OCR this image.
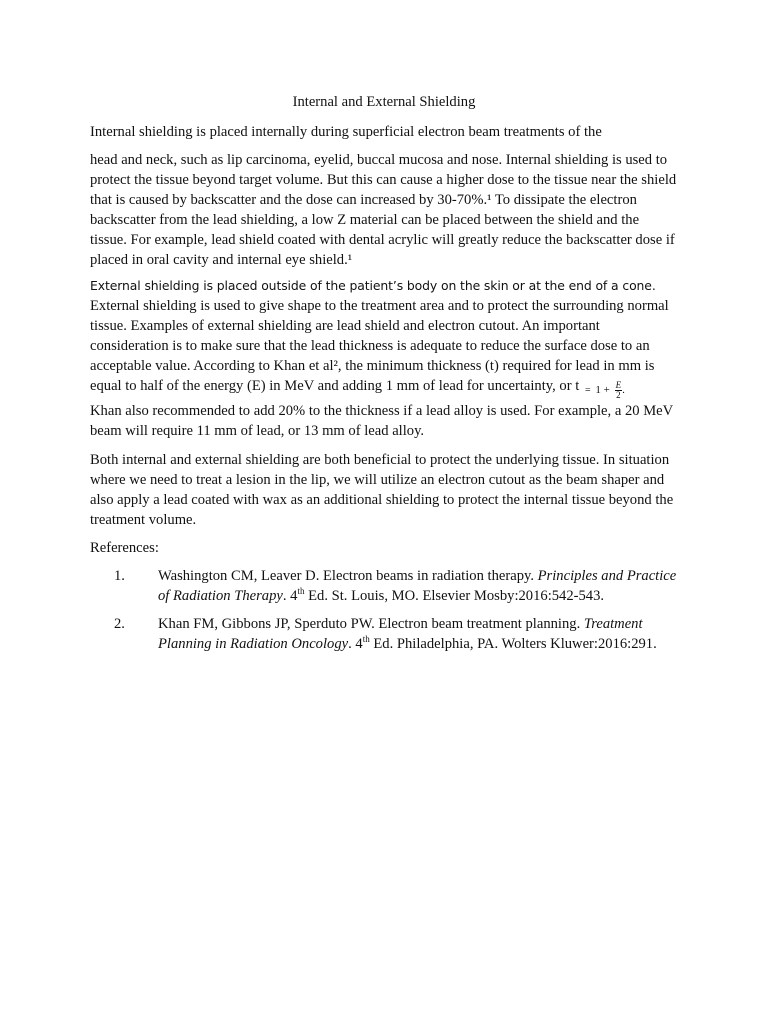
Internal and External Shielding

Internal shielding is placed internally during superficial electron beam treatments of the

head and neck, such as lip carcinoma, eyelid, buccal mucosa and nose. Internal shielding is used to protect the tissue beyond target volume. But this can cause a higher dose to the tissue near the shield that is caused by backscatter and the dose can increased by 30-70%.¹ To dissipate the electron backscatter from the lead shielding, a low Z material can be placed between the shield and the tissue. For example, lead shield coated with dental acrylic will greatly reduce the backscatter dose if placed in oral cavity and internal eye shield.¹

External shielding is placed outside of the patient’s body on the skin or at the end of a cone.
External shielding is used to give shape to the treatment area and to protect the surrounding normal tissue. Examples of external shielding are lead shield and electron cutout. An important consideration is to make sure that the lead thickness is adequate to reduce the surface dose to an acceptable value. According to Khan et al², the minimum thickness (t) required for lead in mm is equal to half of the energy (E) in MeV and adding 1 mm of lead for uncertainty, or $t = 1 + \frac{E}{2}$ .
Khan also recommended to add 20% to the thickness if a lead alloy is used. For example, a 20 MeV beam will require 11 mm of lead, or 13 mm of lead alloy.

Both internal and external shielding are both beneficial to protect the underlying tissue. In situation where we need to treat a lesion in the lip, we will utilize an electron cutout as the beam shaper and also apply a lead coated with wax as an additional shielding to protect the internal tissue beyond the treatment volume.

References:
1. Washington CM, Leaver D. Electron beams in radiation therapy. Principles and Practice of Radiation Therapy. 4th Ed. St. Louis, MO. Elsevier Mosby:2016:542-543.
2. Khan FM, Gibbons JP, Sperduto PW. Electron beam treatment planning. Treatment Planning in Radiation Oncology. 4th Ed. Philadelphia, PA. Wolters Kluwer:2016:291.
